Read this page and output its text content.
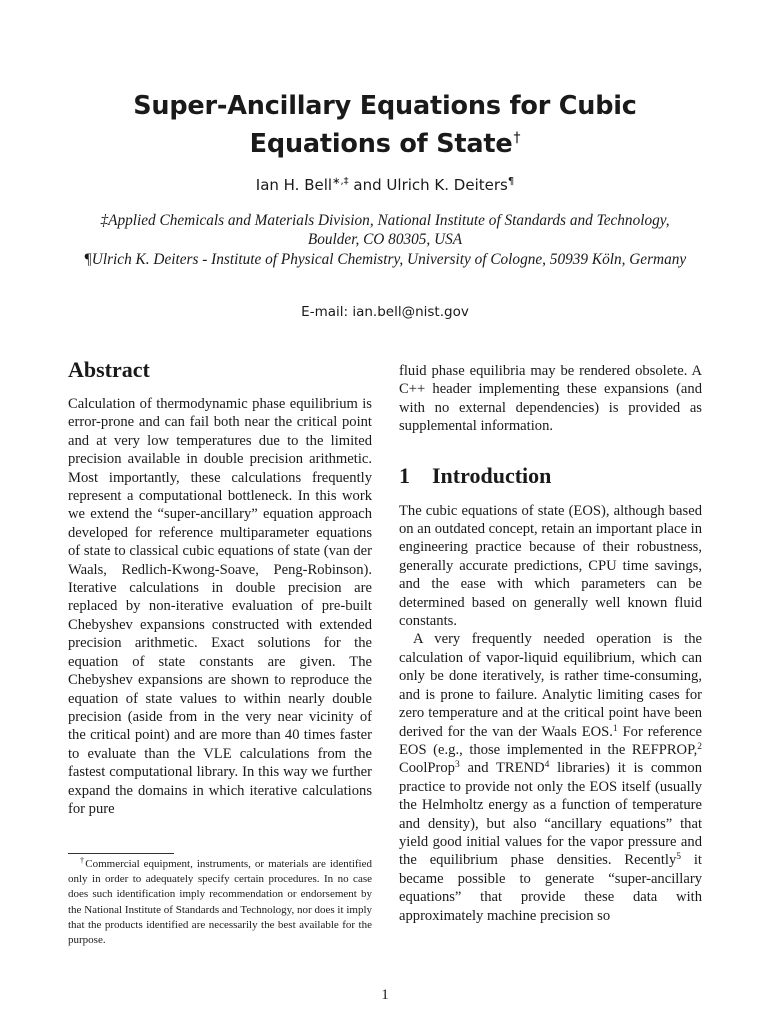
Super-Ancillary Equations for Cubic Equations of State†
Ian H. Bell∗,‡ and Ulrich K. Deiters¶
‡Applied Chemicals and Materials Division, National Institute of Standards and Technology, Boulder, CO 80305, USA
¶Ulrich K. Deiters - Institute of Physical Chemistry, University of Cologne, 50939 Köln, Germany
E-mail: ian.bell@nist.gov
Abstract

Calculation of thermodynamic phase equilibrium is error-prone and can fail both near the critical point and at very low temperatures due to the limited precision available in double precision arithmetic. Most importantly, these calculations frequently represent a computational bottleneck. In this work we extend the “super-ancillary” equation approach developed for reference multiparameter equations of state to classical cubic equations of state (van der Waals, Redlich-Kwong-Soave, Peng-Robinson). Iterative calculations in double precision are replaced by non-iterative evaluation of pre-built Chebyshev expansions constructed with extended precision arithmetic. Exact solutions for the equation of state constants are given. The Chebyshev expansions are shown to reproduce the equation of state values to within nearly double precision (aside from in the very near vicinity of the critical point) and are more than 40 times faster to evaluate than the VLE calculations from the fastest computational library. In this way we further expand the domains in which iterative calculations for pure

†Commercial equipment, instruments, or materials are identified only in order to adequately specify certain procedures. In no case does such identification imply recommendation or endorsement by the National Institute of Standards and Technology, nor does it imply that the products identified are necessarily the best available for the purpose.

fluid phase equilibria may be rendered obsolete. A C++ header implementing these expansions (and with no external dependencies) is provided as supplemental information.

1 Introduction

The cubic equations of state (EOS), although based on an outdated concept, retain an important place in engineering practice because of their robustness, generally accurate predictions, CPU time savings, and the ease with which parameters can be determined based on generally well known fluid constants.

A very frequently needed operation is the calculation of vapor-liquid equilibrium, which can only be done iteratively, is rather time-consuming, and is prone to failure. Analytic limiting cases for zero temperature and at the critical point have been derived for the van der Waals EOS.$^1$ For reference EOS (e.g., those implemented in the REFPROP,$^2$ CoolProp$^3$ and TREND$^4$ libraries) it is common practice to provide not only the EOS itself (usually the Helmholtz energy as a function of temperature and density), but also “ancillary equations” that yield good initial values for the vapor pressure and the equilibrium phase densities. Recently$^5$ it became possible to generate “super-ancillary equations” that provide these data with approximately machine precision so

1
